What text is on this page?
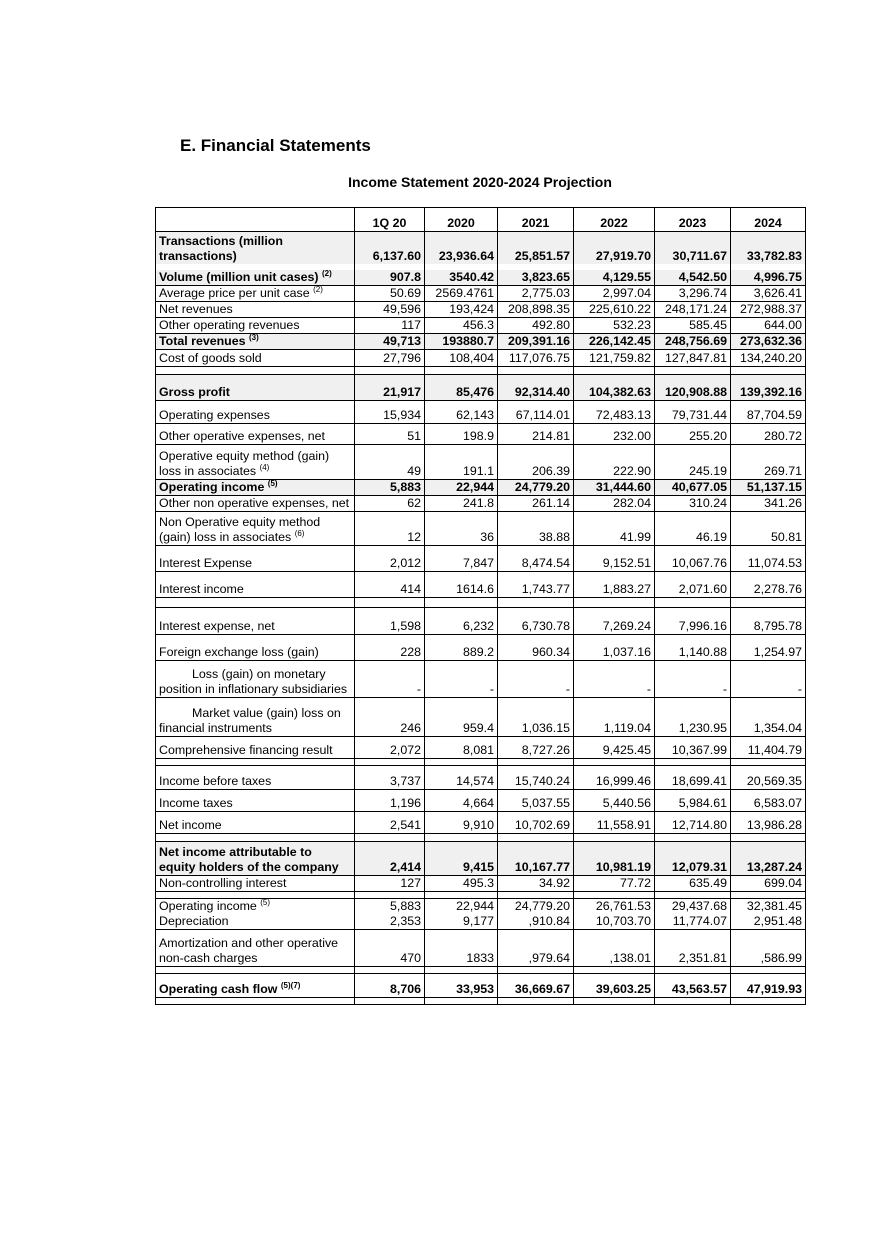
E. Financial Statements
Income Statement 2020-2024 Projection
	1Q 20	2020	2021	2022	2023	2024
Transactions (million transactions)	6,137.60	23,936.64	25,851.57	27,919.70	30,711.67	33,782.83

Volume (million unit cases) $^{(2)}$	907.8	3540.42	3,823.65	4,129.55	4,542.50	4,996.75
Average price per unit case $^{(2)}$	50.69	2569.4761	2,775.03	2,997.04	3,296.74	3,626.41
Net revenues	49,596	193,424	208,898.35	225,610.22	248,171.24	272,988.37
Other operating revenues	117	456.3	492.80	532.23	585.45	644.00
Total revenues $^{(3)}$	49,713	193880.7	209,391.16	226,142.45	248,756.69	273,632.36
Cost of goods sold	27,796	108,404	117,076.75	121,759.82	127,847.81	134,240.20

Gross profit	21,917	85,476	92,314.40	104,382.63	120,908.88	139,392.16
Operating expenses	15,934	62,143	67,114.01	72,483.13	79,731.44	87,704.59
Other operative expenses, net	51	198.9	214.81	232.00	255.20	280.72
Operative equity method (gain) loss in associates $^{(4)}$	49	191.1	206.39	222.90	245.19	269.71
Operating income $^{(5)}$	5,883	22,944	24,779.20	31,444.60	40,677.05	51,137.15
Other non operative expenses, net	62	241.8	261.14	282.04	310.24	341.26
Non Operative equity method (gain) loss in associates $^{(6)}$	12	36	38.88	41.99	46.19	50.81
Interest Expense	2,012	7,847	8,474.54	9,152.51	10,067.76	11,074.53
Interest income	414	1614.6	1,743.77	1,883.27	2,071.60	2,278.76

Interest expense, net	1,598	6,232	6,730.78	7,269.24	7,996.16	8,795.78
Foreign exchange loss (gain)	228	889.2	960.34	1,037.16	1,140.88	1,254.97

Loss (gain) on monetary
position in inflationary subsidiaries	-	-	-	-	-	-

Market value (gain) loss on
financial instruments	246	959.4	1,036.15	1,119.04	1,230.95	1,354.04
Comprehensive financing result	2,072	8,081	8,727.26	9,425.45	10,367.99	11,404.79

Income before taxes	3,737	14,574	15,740.24	16,999.46	18,699.41	20,569.35
Income taxes	1,196	4,664	5,037.55	5,440.56	5,984.61	6,583.07
Net income	2,541	9,910	10,702.69	11,558.91	12,714.80	13,986.28

Net income attributable to equity holders of the company	2,414	9,415	10,167.77	10,981.19	12,079.31	13,287.24
Non-controlling interest	127	495.3	34.92	77.72	635.49	699.04

Operating income $^{(5)}$	5,883	22,944	24,779.20	26,761.53	29,437.68	32,381.45
Depreciation	2,353	9,177	,910.84	10,703.70	11,774.07	2,951.48
Amortization and other operative non-cash charges	470	1833	,979.64	,138.01	2,351.81	,586.99

Operating cash flow $^{(5)(7)}$	8,706	33,953	36,669.67	39,603.25	43,563.57	47,919.93
